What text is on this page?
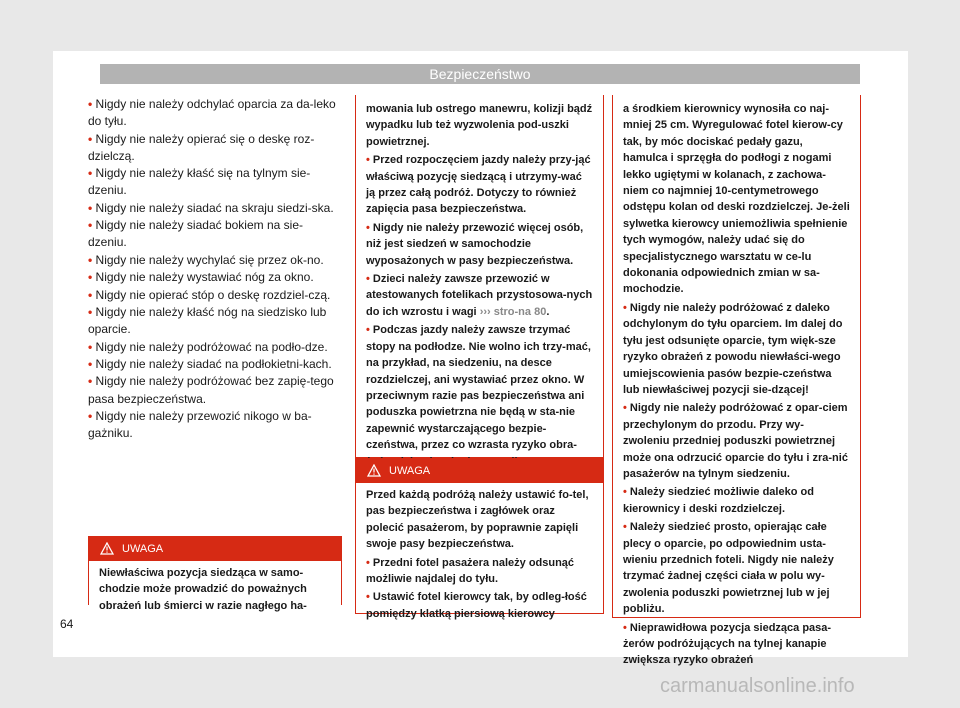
Bezpieczeństwo

• Nigdy nie należy odchylać oparcia za da-leko do tyłu.

• Nigdy nie należy opierać się o deskę roz-dzielczą.

• Nigdy nie należy kłaść się na tylnym sie-dzeniu.

• Nigdy nie należy siadać na skraju siedzi-ska.

• Nigdy nie należy siadać bokiem na sie-dzeniu.

• Nigdy nie należy wychylać się przez ok-no.

• Nigdy nie należy wystawiać nóg za okno.

• Nigdy nie opierać stóp o deskę rozdziel-czą.

• Nigdy nie należy kłaść nóg na siedzisko lub oparcie.

• Nigdy nie należy podróżować na podło-dze.

• Nigdy nie należy siadać na podłokietni-kach.

• Nigdy nie należy podróżować bez zapię-tego pasa bezpieczeństwa.

• Nigdy nie należy przewozić nikogo w ba-gażniku.

UWAGA

Niewłaściwa pozycja siedząca w samo-chodzie może prowadzić do poważnych obrażeń lub śmierci w razie nagłego ha-

mowania lub ostrego manewru, kolizji bądź wypadku lub też wyzwolenia pod-uszki powietrznej.

• Przed rozpoczęciem jazdy należy przy-jąć właściwą pozycję siedzącą i utrzymy-wać ją przez całą podróż. Dotyczy to również zapięcia pasa bezpieczeństwa.

• Nigdy nie należy przewozić więcej osób, niż jest siedzeń w samochodzie wyposażonych w pasy bezpieczeństwa.

• Dzieci należy zawsze przewozić w atestowanych fotelikach przystosowa-nych do ich wzrostu i wagi ››› stro-na 80.

• Podczas jazdy należy zawsze trzymać stopy na podłodze. Nie wolno ich trzy-mać, na przykład, na siedzeniu, na desce rozdzielczej, ani wystawiać przez okno. W przeciwnym razie pas bezpieczeństwa ani poduszka powietrzna nie będą w sta-nie zapewnić wystarczającego bezpie-czeństwa, przez co wzrasta ryzyko obra-

UWAGA

Przed każdą podróżą należy ustawić fo-tel, pas bezpieczeństwa i zagłówek oraz polecić pasażerom, by poprawnie zapięli swoje pasy bezpieczeństwa.

• Przedni fotel pasażera należy odsunąć możliwie najdalej do tyłu.

• Ustawić fotel kierowcy tak, by odleg-łość pomiędzy klatką piersiową kierowcy

a środkiem kierownicy wynosiła co naj-mniej 25 cm. Wyregulować fotel kierow-cy tak, by móc dociskać pedały gazu, hamulca i sprzęgła do podłogi z nogami lekko ugiętymi w kolanach, z zachowa-niem co najmniej 10-centymetrowego odstępu kolan od deski rozdzielczej. Je-żeli sylwetka kierowcy uniemożliwia spełnienie tych wymogów, należy udać się do specjalistycznego warsztatu w ce-lu dokonania odpowiednich zmian w sa-mochodzie.

• Nigdy nie należy podróżować z daleko odchylonym do tyłu oparciem. Im dalej do tyłu jest odsunięte oparcie, tym więk-sze ryzyko obrażeń z powodu niewłaści-wego umiejscowienia pasów bezpie-czeństwa lub niewłaściwej pozycji sie-dzącej!

• Nigdy nie należy podróżować z opar-ciem przechylonym do przodu. Przy wy-zwoleniu przedniej poduszki powietrznej może ona odrzucić oparcie do tyłu i zra-nić pasażerów na tylnym siedzeniu.

• Należy siedzieć możliwie daleko od kierownicy i deski rozdzielczej.

• Należy siedzieć prosto, opierając całe plecy o oparcie, po odpowiednim usta-wieniu przednich foteli. Nigdy nie należy trzymać żadnej części ciała w polu wy-zwolenia poduszki powietrznej lub w jej pobliżu.

• Nieprawidłowa pozycja siedząca pasa-żerów podróżujących na tylnej kanapie zwiększa ryzyko obrażeń

64
carmanualsonline.info
